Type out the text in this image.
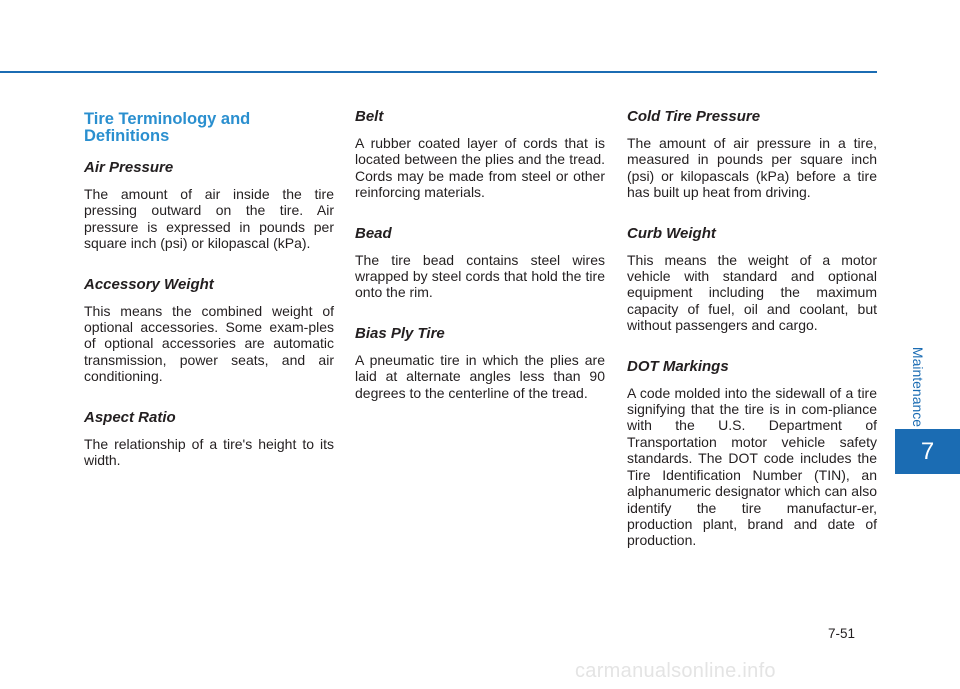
Tire Terminology and Definitions
Air Pressure
The amount of air inside the tire pressing outward on the tire. Air pressure is expressed in pounds per square inch (psi) or kilopascal (kPa).
Accessory Weight
This means the combined weight of optional accessories. Some exam-ples of optional accessories are automatic transmission, power seats, and air conditioning.
Aspect Ratio
The relationship of a tire's height to its width.
Belt
A rubber coated layer of cords that is located between the plies and the tread. Cords may be made from steel or other reinforcing materials.
Bead
The tire bead contains steel wires wrapped by steel cords that hold the tire onto the rim.
Bias Ply Tire
A pneumatic tire in which the plies are laid at alternate angles less than 90 degrees to the centerline of the tread.
Cold Tire Pressure
The amount of air pressure in a tire, measured in pounds per square inch (psi) or kilopascals (kPa) before a tire has built up heat from driving.
Curb Weight
This means the weight of a motor vehicle with standard and optional equipment including the maximum capacity of fuel, oil and coolant, but without passengers and cargo.
DOT Markings
A code molded into the sidewall of a tire signifying that the tire is in com-pliance with the U.S. Department of Transportation motor vehicle safety standards. The DOT code includes the Tire Identification Number (TIN), an alphanumeric designator which can also identify the tire manufactur-er, production plant, brand and date of production.
Maintenance
7
7-51
carmanualsonline.info
